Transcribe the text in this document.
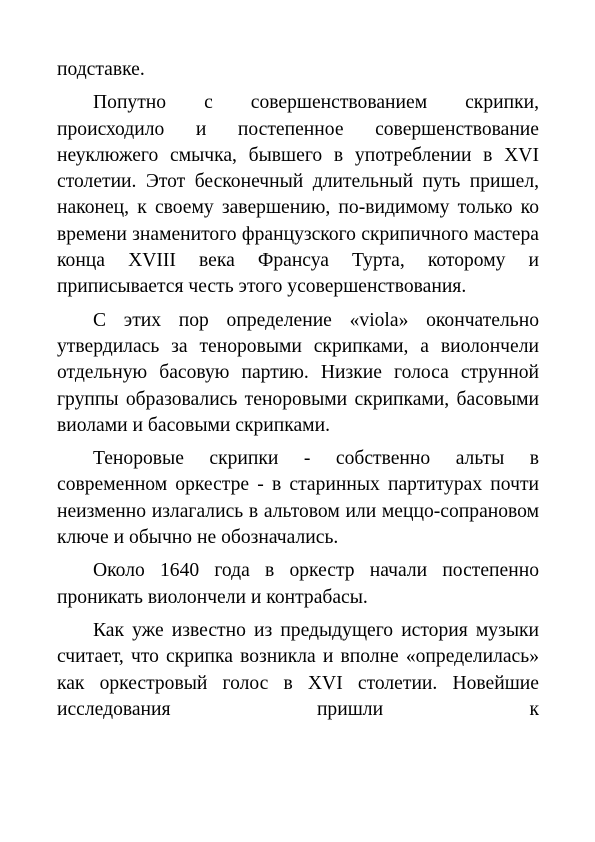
подставке.

Попутно с совершенствованием скрипки, происходило и постепенное совершенствование неуклюжего смычка, бывшего в употреблении в XVI столетии. Этот бесконечный длительный путь пришел, наконец, к своему завершению, по-видимому только ко времени знаменитого французского скрипичного мастера конца XVIII века Франсуа Турта, которому и приписывается честь этого усовершенствования.

С этих пор определение «viola» окончательно утвердилась за теноровыми скрипками, а виолончели отдельную басовую партию. Низкие голоса струнной группы образовались теноровыми скрипками, басовыми виолами и басовыми скрипками.

Теноровые скрипки - собственно альты в современном оркестре - в старинных партитурах почти неизменно излагались в альтовом или меццо-сопрановом ключе и обычно не обозначались.

Около 1640 года в оркестр начали постепенно проникать виолончели и контрабасы.

Как уже известно из предыдущего история музыки считает, что скрипка возникла и вполне «определилась» как оркестровый голос в XVI столетии. Новейшие исследования пришли к
